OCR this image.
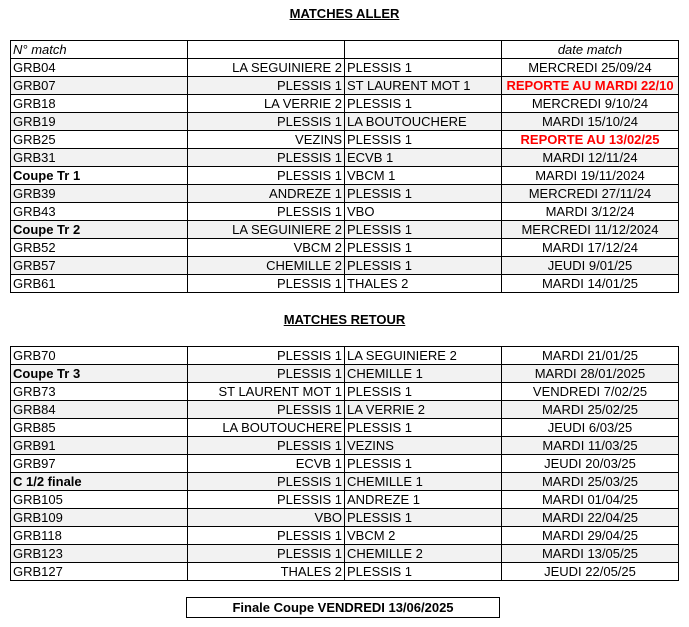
MATCHES ALLER
N° match			date match
GRB04	LA SEGUINIERE 2	PLESSIS 1	MERCREDI 25/09/24
GRB07	PLESSIS 1	ST LAURENT MOT 1	REPORTE AU MARDI 22/10
GRB18	LA VERRIE 2	PLESSIS 1	MERCREDI 9/10/24
GRB19	PLESSIS 1	LA BOUTOUCHERE	MARDI 15/10/24
GRB25	VEZINS	PLESSIS 1	REPORTE AU 13/02/25
GRB31	PLESSIS 1	ECVB 1	MARDI 12/11/24
Coupe Tr 1	PLESSIS 1	VBCM 1	MARDI 19/11/2024
GRB39	ANDREZE 1	PLESSIS 1	MERCREDI 27/11/24
GRB43	PLESSIS 1	VBO	MARDI 3/12/24
Coupe Tr 2	LA SEGUINIERE 2	PLESSIS 1	MERCREDI 11/12/2024
GRB52	VBCM 2	PLESSIS 1	MARDI 17/12/24
GRB57	CHEMILLE 2	PLESSIS 1	JEUDI 9/01/25
GRB61	PLESSIS 1	THALES 2	MARDI 14/01/25
MATCHES RETOUR
GRB70	PLESSIS 1	LA SEGUINIERE 2	MARDI 21/01/25
Coupe Tr 3	PLESSIS 1	CHEMILLE 1	MARDI 28/01/2025
GRB73	ST LAURENT MOT 1	PLESSIS 1	VENDREDI 7/02/25
GRB84	PLESSIS 1	LA VERRIE 2	MARDI 25/02/25
GRB85	LA BOUTOUCHERE	PLESSIS 1	JEUDI 6/03/25
GRB91	PLESSIS 1	VEZINS	MARDI 11/03/25
GRB97	ECVB 1	PLESSIS 1	JEUDI 20/03/25
C 1/2 finale	PLESSIS 1	CHEMILLE 1	MARDI 25/03/25
GRB105	PLESSIS 1	ANDREZE 1	MARDI 01/04/25
GRB109	VBO	PLESSIS 1	MARDI 22/04/25
GRB118	PLESSIS 1	VBCM 2	MARDI 29/04/25
GRB123	PLESSIS 1	CHEMILLE 2	MARDI 13/05/25
GRB127	THALES 2	PLESSIS 1	JEUDI 22/05/25
Finale Coupe VENDREDI 13/06/2025
